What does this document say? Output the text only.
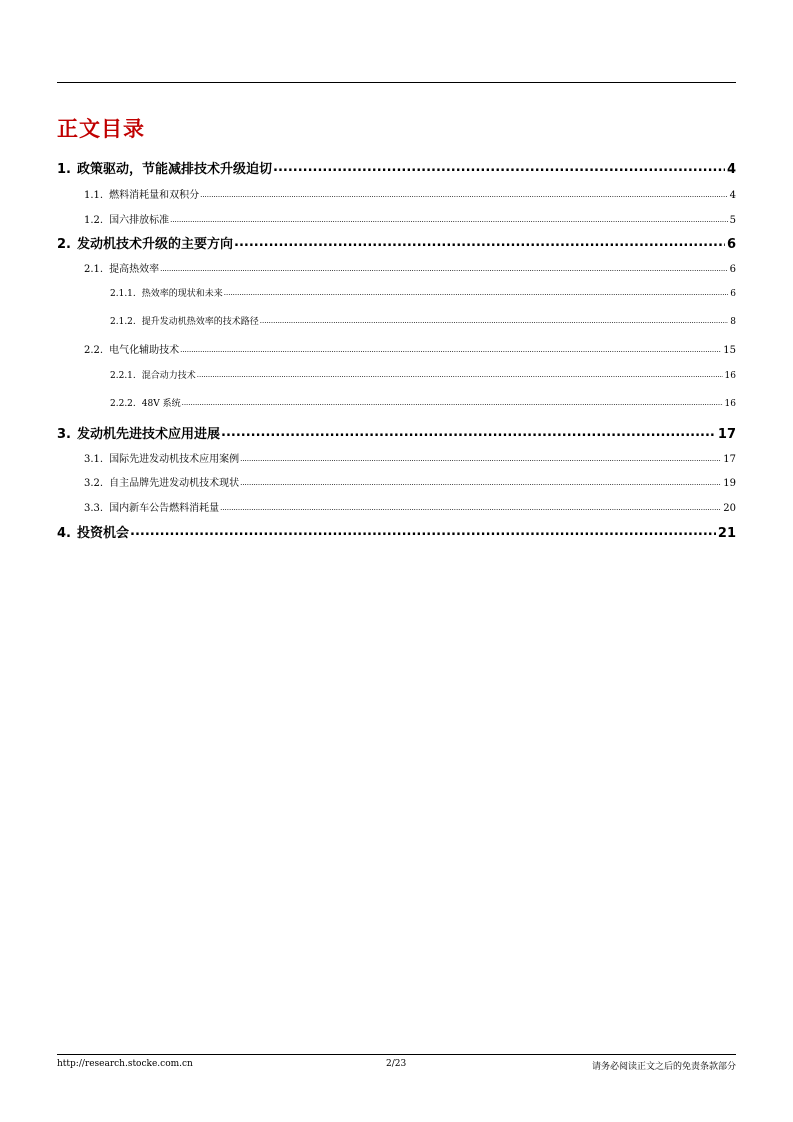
正文目录
1. 政策驱动，节能减排技术升级迫切 .....	4
1.1. 燃料消耗量和双积分 .....	4
1.2. 国六排放标准 .....	5
2. 发动机技术升级的主要方向 .....	6
2.1. 提高热效率 .....	6
2.1.1. 热效率的现状和未来 .....	6
2.1.2. 提升发动机热效率的技术路径 .....	8
2.2. 电气化辅助技术 .....	15
2.2.1. 混合动力技术 .....	16
2.2.2. 48V 系统 .....	16
3. 发动机先进技术应用进展 .....	17
3.1. 国际先进发动机技术应用案例 .....	17
3.2. 自主品牌先进发动机技术现状 .....	19
3.3. 国内新车公告燃料消耗量 .....	20
4. 投资机会 .....	21
http://research.stocke.com.cn	2/23	请务必阅读正文之后的免责条款部分
